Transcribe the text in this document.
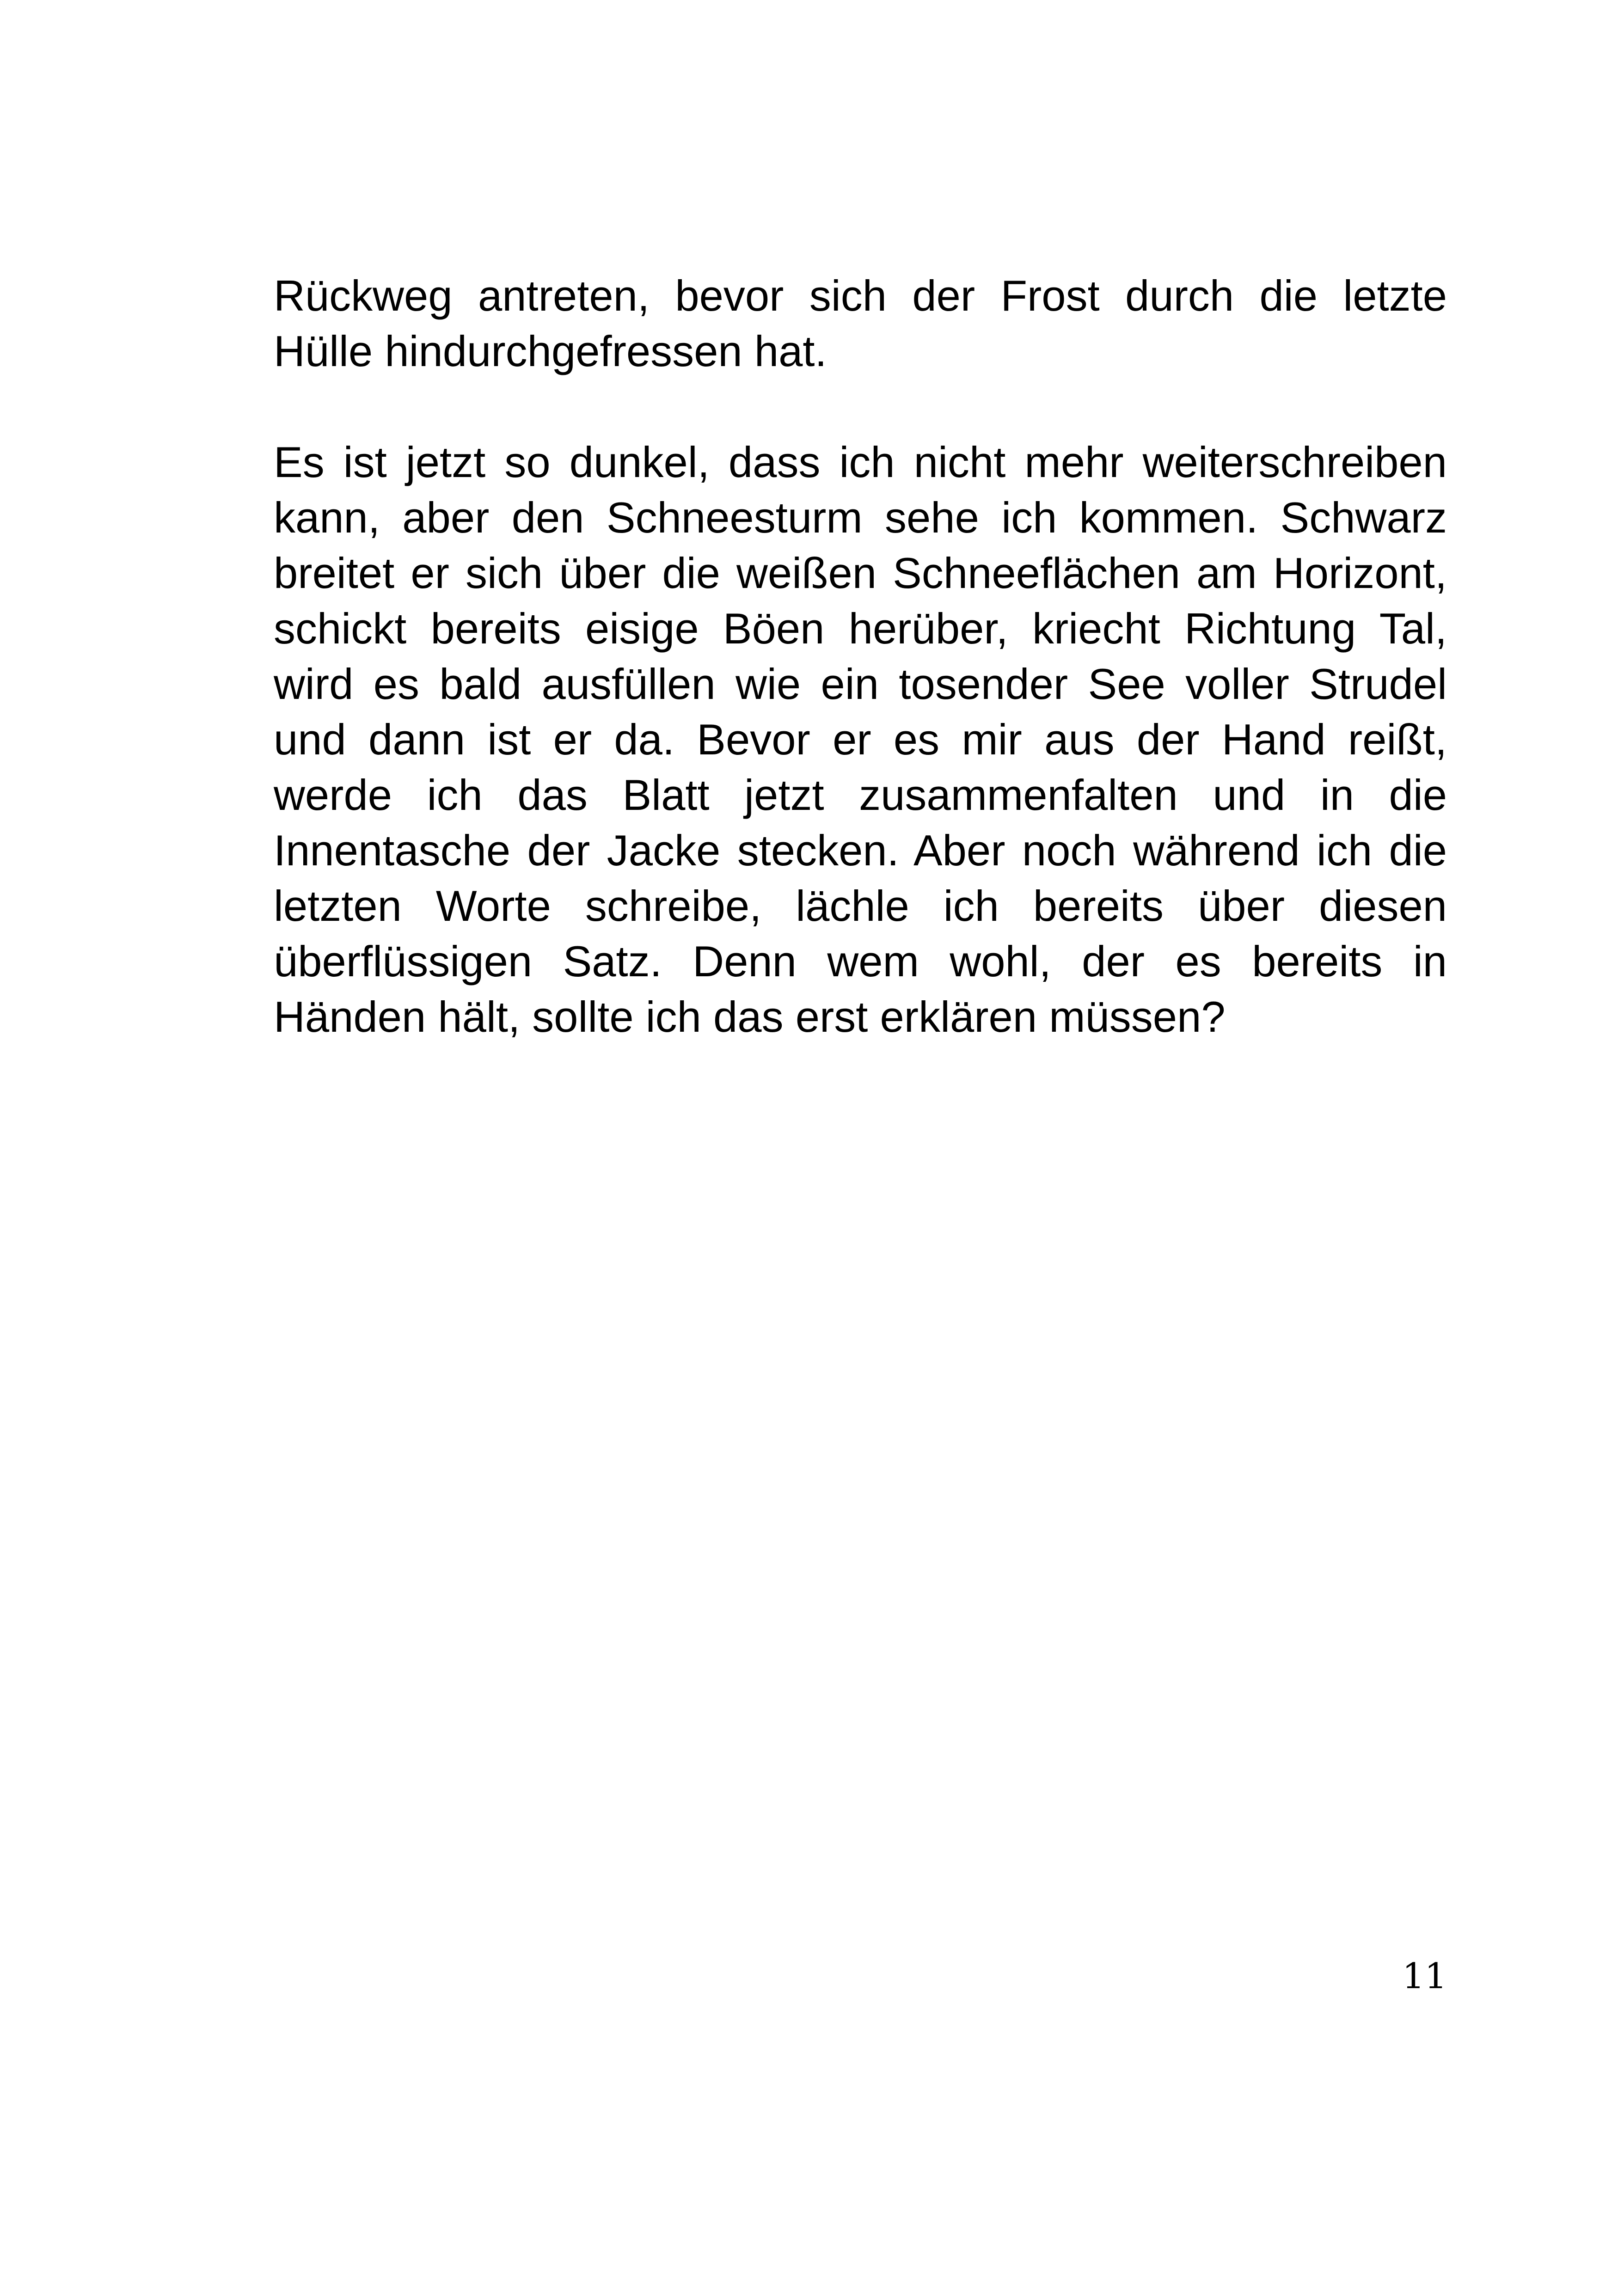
Rückweg antreten, bevor sich der Frost durch die letzte Hülle hindurchgefressen hat.

Es ist jetzt so dunkel, dass ich nicht mehr weiterschreiben kann, aber den Schneesturm sehe ich kommen. Schwarz breitet er sich über die weißen Schneeflächen am Horizont, schickt bereits eisige Böen herüber, kriecht Richtung Tal, wird es bald ausfüllen wie ein tosender See voller Strudel und dann ist er da. Bevor er es mir aus der Hand reißt, werde ich das Blatt jetzt zusammenfalten und in die Innentasche der Jacke stecken. Aber noch während ich die letzten Worte schreibe, lächle ich bereits über diesen überflüssigen Satz. Denn wem wohl, der es bereits in Händen hält, sollte ich das erst erklären müssen?

11
